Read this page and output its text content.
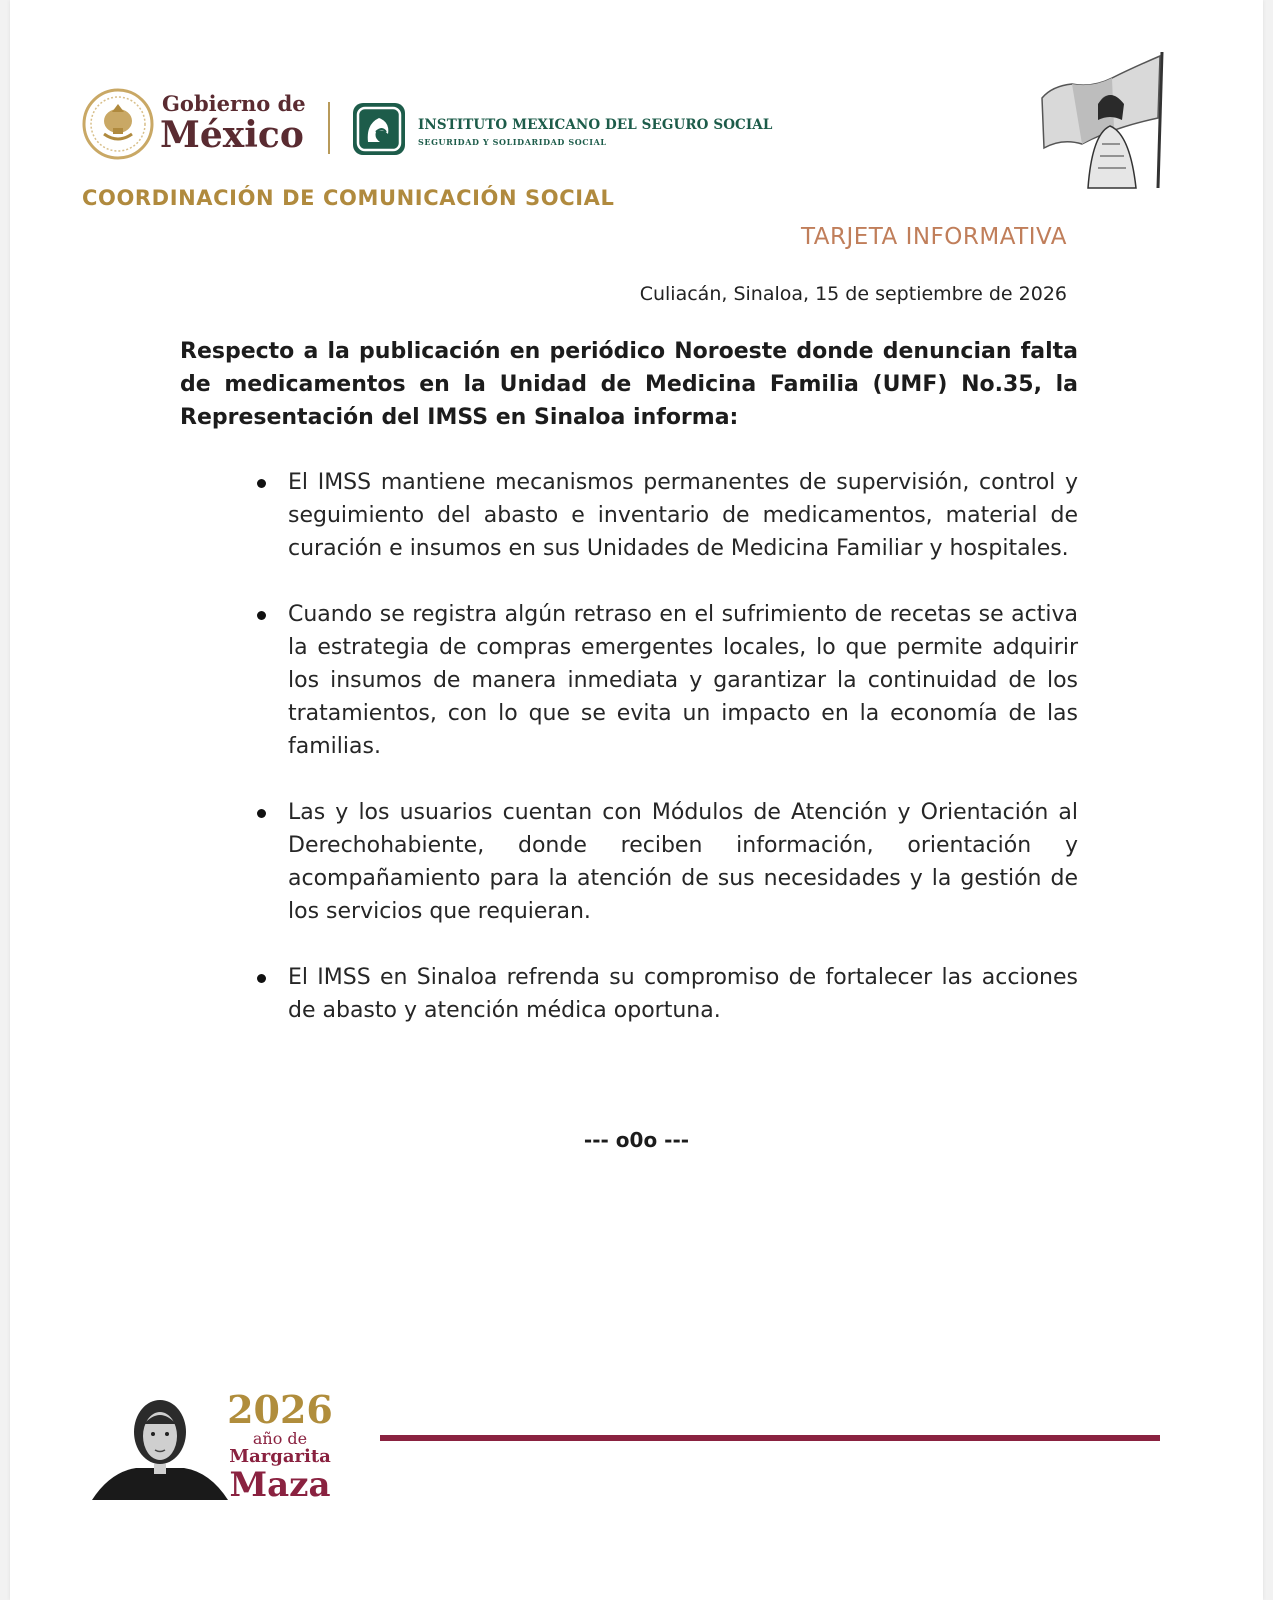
Gobierno de
México	INSTITUTO MEXICANO DEL SEGURO SOCIAL
SEGURIDAD Y SOLIDARIDAD SOCIAL
COORDINACIÓN DE COMUNICACIÓN SOCIAL
TARJETA INFORMATIVA
Culiacán, Sinaloa, 15 de septiembre de 2026
Respecto a la publicación en periódico Noroeste donde denuncian falta de medicamentos en la Unidad de Medicina Familia (UMF) No.35, la Representación del IMSS en Sinaloa informa:
El IMSS mantiene mecanismos permanentes de supervisión, control y seguimiento del abasto e inventario de medicamentos, material de curación e insumos en sus Unidades de Medicina Familiar y hospitales.
Cuando se registra algún retraso en el sufrimiento de recetas se activa la estrategia de compras emergentes locales, lo que permite adquirir los insumos de manera inmediata y garantizar la continuidad de los tratamientos, con lo que se evita un impacto en la economía de las familias.
Las y los usuarios cuentan con Módulos de Atención y Orientación al Derechohabiente, donde reciben información, orientación y acompañamiento para la atención de sus necesidades y la gestión de los servicios que requieran.
El IMSS en Sinaloa refrenda su compromiso de fortalecer las acciones de abasto y atención médica oportuna.
--- o0o ---
2026
año de
Margarita
Maza
